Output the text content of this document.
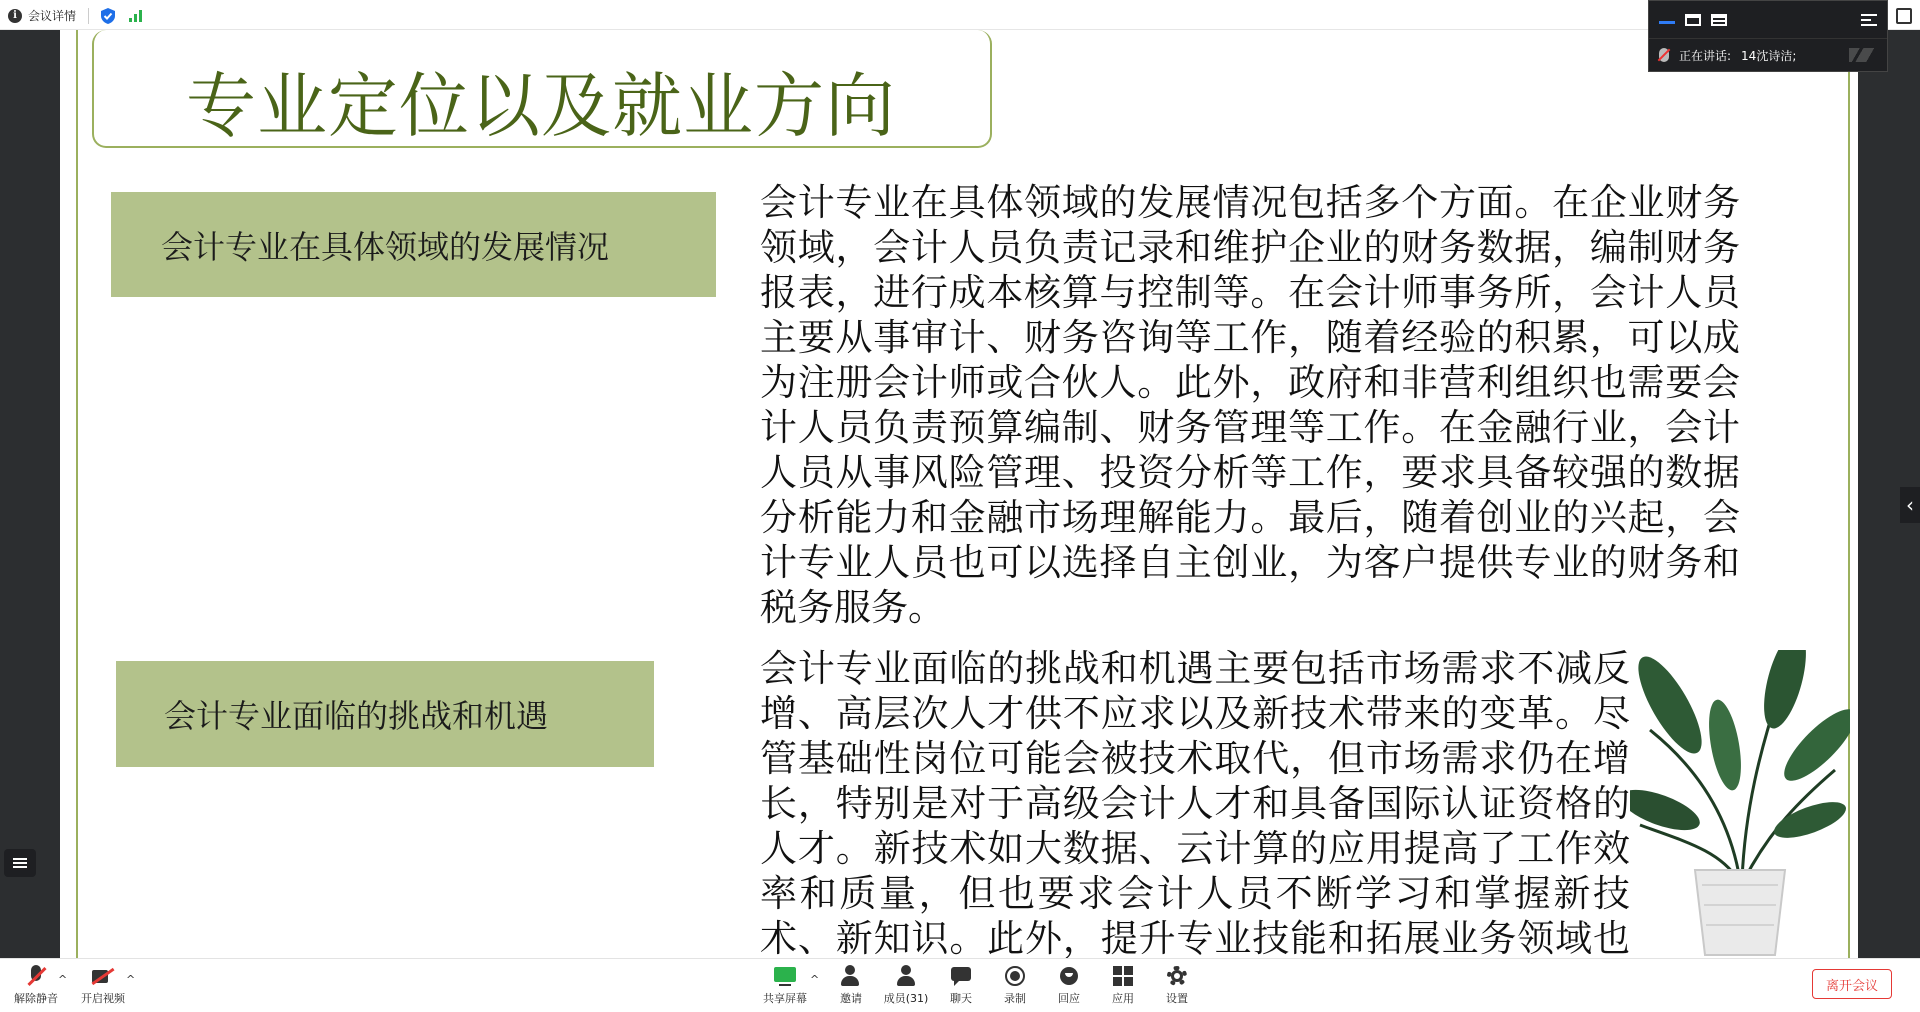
i 会议详情
专业定位以及就业方向
会计专业在具体领域的发展情况
会计专业在具体领域的发展情况包括多个方面。在企业财务领域，会计人员负责记录和维护企业的财务数据，编制财务报表，进行成本核算与控制等。在会计师事务所，会计人员主要从事审计、财务咨询等工作，随着经验的积累，可以成为注册会计师或合伙人。此外，政府和非营利组织也需要会计人员负责预算编制、财务管理等工作。在金融行业，会计人员从事风险管理、投资分析等工作，要求具备较强的数据分析能力和金融市场理解能力。最后，随着创业的兴起，会计专业人员也可以选择自主创业，为客户提供专业的财务和税务服务。
会计专业面临的挑战和机遇
会计专业面临的挑战和机遇主要包括市场需求不减反增、高层次人才供不应求以及新技术带来的变革。尽管基础性岗位可能会被技术取代，但市场需求仍在增长，特别是对于高级会计人才和具备国际认证资格的人才。新技术如大数据、云计算的应用提高了工作效率和质量，但也要求会计人员不断学习和掌握新技术、新知识。此外，提升专业技能和拓展业务领域也
正在讲话: 14沈诗洁;
‹
解除静音
^
开启视频
^
共享屏幕
^
邀请 成员(31) 聊天	录制	回应	应用	设置
离开会议
